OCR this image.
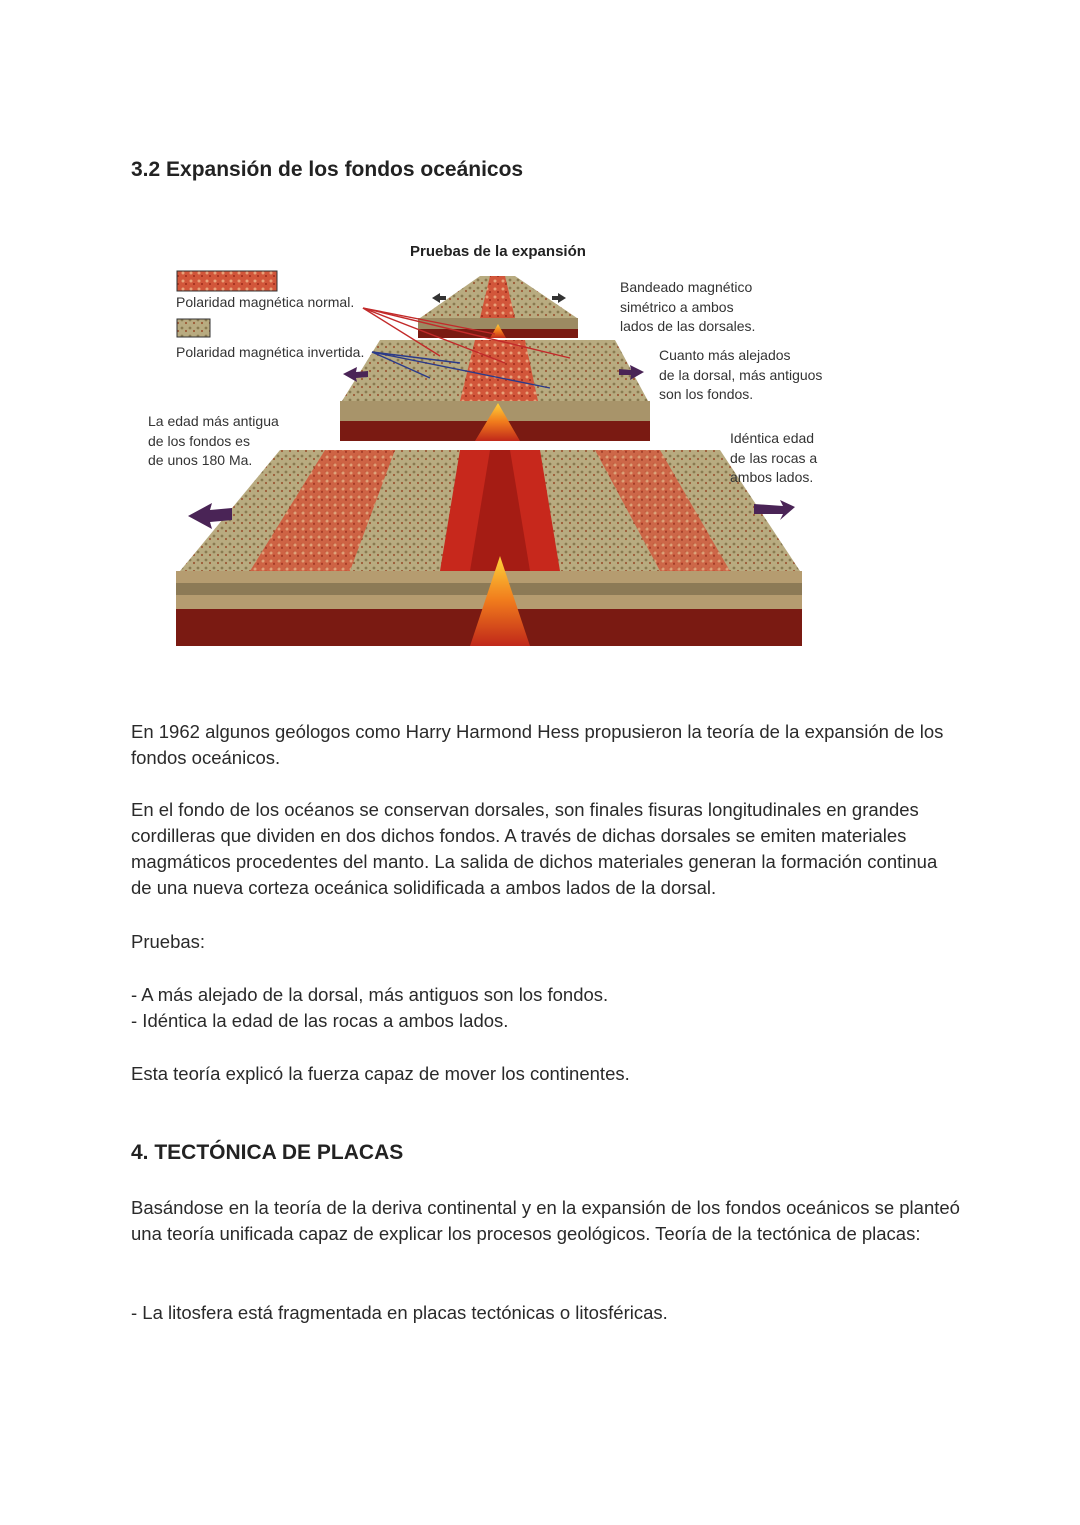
3.2 Expansión de los fondos oceánicos
Pruebas de la expansión
Polaridad magnética normal.
Polaridad magnética invertida.
La edad más antigua
de los fondos es
de unos 180 Ma.
Bandeado magnético
simétrico a ambos
lados de las dorsales.
Cuanto más alejados
de la dorsal, más antiguos
son los fondos.
Idéntica edad
de las rocas a
ambos lados.

En 1962 algunos geólogos como Harry Harmond Hess propusieron la teoría de la expansión de los fondos oceánicos.

En el fondo de los océanos se conservan dorsales, son finales fisuras longitudinales en grandes cordilleras que dividen en dos dichos fondos. A través de dichas dorsales se emiten materiales magmáticos procedentes del manto. La salida de dichos materiales generan la formación continua de una nueva corteza oceánica solidificada a ambos lados de la dorsal.

Pruebas:

- A más alejado de la dorsal, más antiguos son los fondos.

- Idéntica la edad de las rocas a ambos lados.

Esta teoría explicó la fuerza capaz de mover los continentes.

4. TECTÓNICA DE PLACAS

Basándose en la teoría de la deriva continental y en la expansión de los fondos oceánicos se planteó una teoría unificada capaz de explicar los procesos geológicos. Teoría de la tectónica de placas:

- La litosfera está fragmentada en placas tectónicas o litosféricas.
